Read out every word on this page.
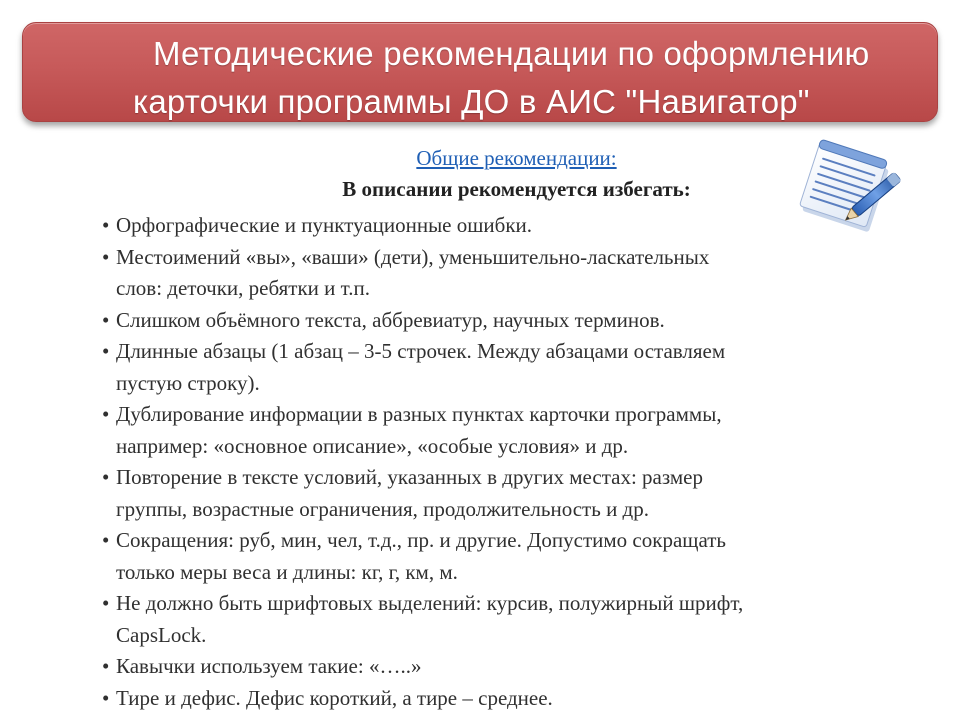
Методические рекомендации по оформлению
карточки программы ДО в АИС "Навигатор"
Общие рекомендации:
В описании рекомендуется избегать:
• Орфографические и пунктуационные ошибки.
• Местоимений «вы», «ваши» (дети), уменьшительно-ласкательных
слов: деточки, ребятки и т.п.
• Слишком объёмного текста, аббревиатур, научных терминов.
• Длинные абзацы (1 абзац – 3-5 строчек. Между абзацами оставляем
пустую строку).
• Дублирование информации в разных пунктах карточки программы,
например: «основное описание», «особые условия» и др.
• Повторение в тексте условий, указанных в других местах: размер
группы, возрастные ограничения, продолжительность и др.
• Сокращения: руб, мин, чел, т.д., пр. и другие. Допустимо сокращать
только меры веса и длины: кг, г, км, м.
• Не должно быть шрифтовых выделений: курсив, полужирный шрифт,
CapsLock.
• Кавычки используем такие: «…..»
• Тире и дефис. Дефис короткий, а тире – среднее.
